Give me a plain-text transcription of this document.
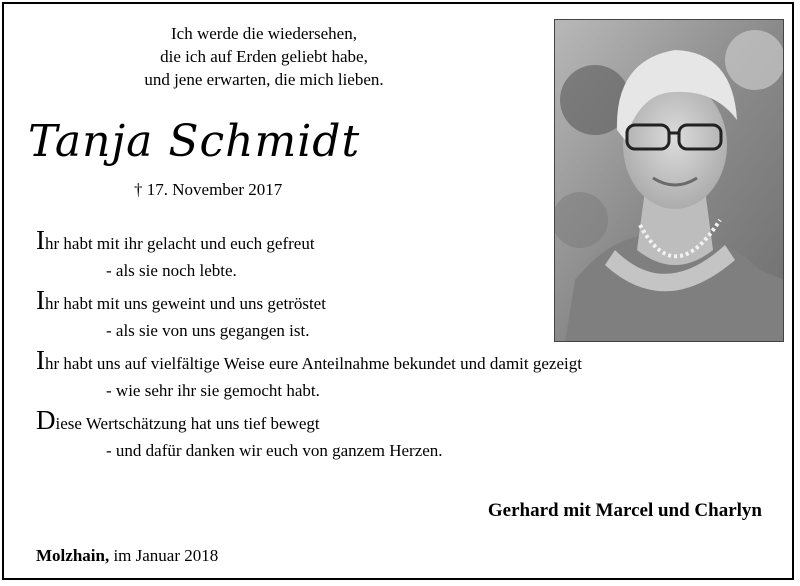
Ich werde die wiedersehen,
die ich auf Erden geliebt habe,
und jene erwarten, die mich lieben.
Tanja Schmidt
† 17. November 2017
Ihr habt mit ihr gelacht und euch gefreut
- als sie noch lebte.
Ihr habt mit uns geweint und uns getröstet
- als sie von uns gegangen ist.
Ihr habt uns auf vielfältige Weise eure Anteilnahme bekundet und damit gezeigt
- wie sehr ihr sie gemocht habt.
Diese Wertschätzung hat uns tief bewegt
- und dafür danken wir euch von ganzem Herzen.
Gerhard mit Marcel und Charlyn
Molzhain, im Januar 2018
